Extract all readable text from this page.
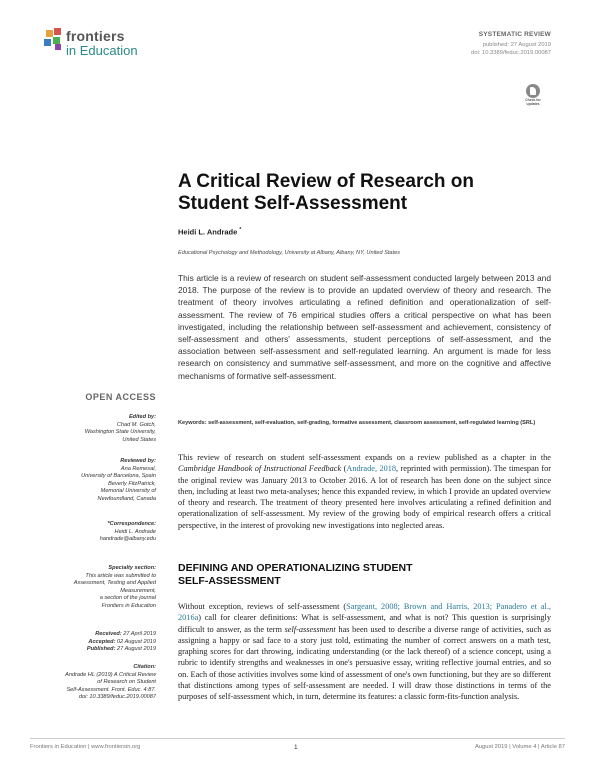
frontiers
in Education
SYSTEMATIC REVIEW
published: 27 August 2019
doi: 10.3389/feduc.2019.00087
Check for
updates
A Critical Review of Research on
Student Self-Assessment
Heidi L. Andrade *
Educational Psychology and Methodology, University at Albany, Albany, NY, United States
This article is a review of research on student self-assessment conducted largely between 2013 and 2018. The purpose of the review is to provide an updated overview of theory and research. The treatment of theory involves articulating a refined definition and operationalization of self-assessment. The review of 76 empirical studies offers a critical perspective on what has been investigated, including the relationship between self-assessment and achievement, consistency of self-assessment and others' assessments, student perceptions of self-assessment, and the association between self-assessment and self-regulated learning. An argument is made for less research on consistency and summative self-assessment, and more on the cognitive and affective mechanisms of formative self-assessment.
Keywords: self-assessment, self-evaluation, self-grading, formative assessment, classroom assessment, self-regulated learning (SRL)
OPEN ACCESS
Edited by:
Chad M. Gotch,
Washington State University,
United States
Reviewed by:
Ana Remesal,
University of Barcelona, Spain
Beverly FitzPatrick,
Memorial University of
Newfoundland, Canada
*Correspondence:
Heidi L. Andrade
handrade@albany.edu
Specialty section:
This article was submitted to
Assessment, Testing and Applied
Measurement,
a section of the journal
Frontiers in Education
Received: 27 April 2019
Accepted: 02 August 2019
Published: 27 August 2019
Citation:
Andrade HL (2019) A Critical Review
of Research on Student
Self-Assessment. Front. Educ. 4:87.
doi: 10.3389/feduc.2019.00087
This review of research on student self-assessment expands on a review published as a chapter in the Cambridge Handbook of Instructional Feedback (Andrade, 2018, reprinted with permission). The timespan for the original review was January 2013 to October 2016. A lot of research has been done on the subject since then, including at least two meta-analyses; hence this expanded review, in which I provide an updated overview of theory and research. The treatment of theory presented here involves articulating a refined definition and operationalization of self-assessment. My review of the growing body of empirical research offers a critical perspective, in the interest of provoking new investigations into neglected areas.
DEFINING AND OPERATIONALIZING STUDENT
SELF-ASSESSMENT
Without exception, reviews of self-assessment (Sargeant, 2008; Brown and Harris, 2013; Panadero et al., 2016a) call for clearer definitions: What is self-assessment, and what is not? This question is surprisingly difficult to answer, as the term self-assessment has been used to describe a diverse range of activities, such as assigning a happy or sad face to a story just told, estimating the number of correct answers on a math test, graphing scores for dart throwing, indicating understanding (or the lack thereof) of a science concept, using a rubric to identify strengths and weaknesses in one's persuasive essay, writing reflective journal entries, and so on. Each of those activities involves some kind of assessment of one's own functioning, but they are so different that distinctions among types of self-assessment are needed. I will draw those distinctions in terms of the purposes of self-assessment which, in turn, determine its features: a classic form-fits-function analysis.
Frontiers in Education | www.frontiersin.org	1	August 2019 | Volume 4 | Article 87
